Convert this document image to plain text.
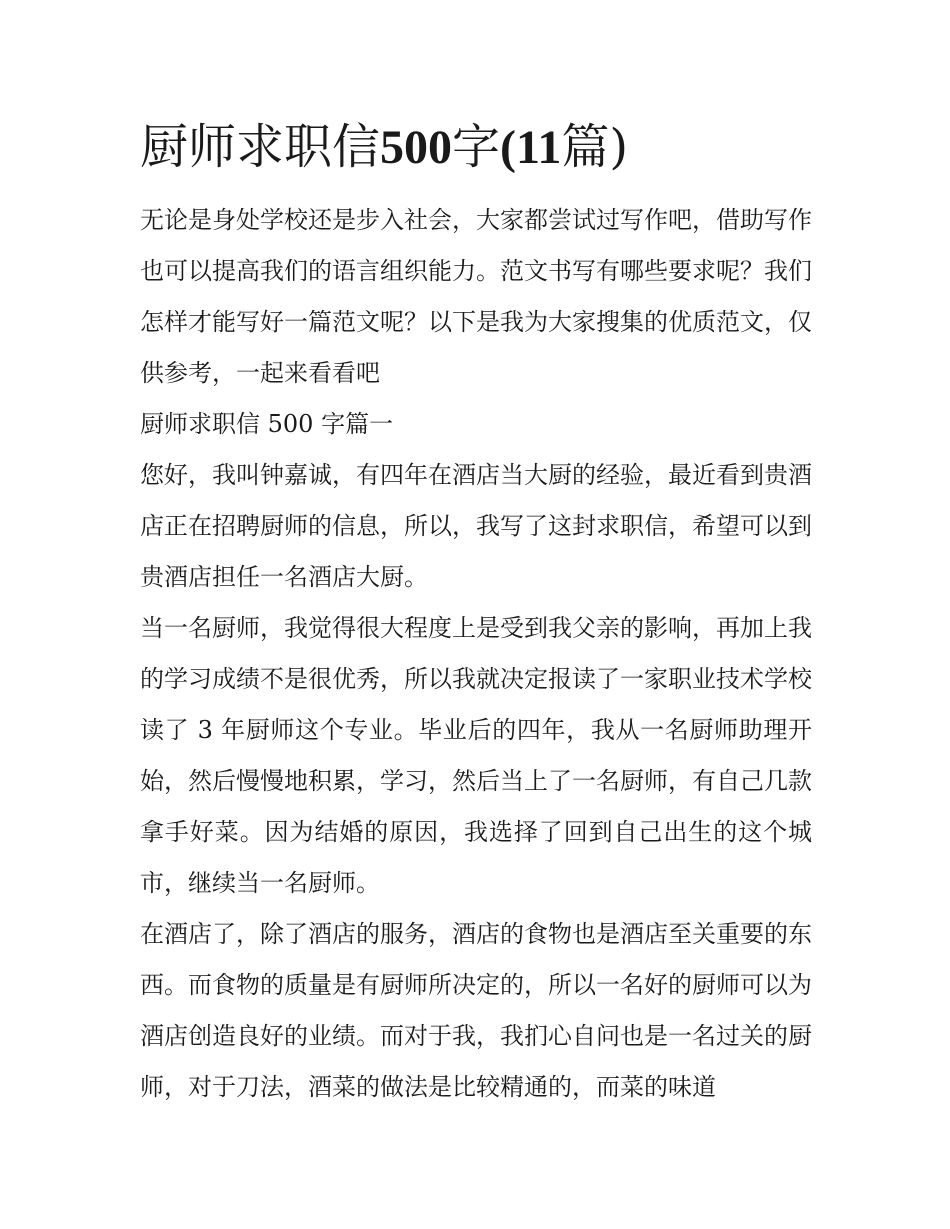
厨师求职信500字(11篇)

无论是身处学校还是步入社会，大家都尝试过写作吧，借助写作也可以提高我们的语言组织能力。范文书写有哪些要求呢？我们怎样才能写好一篇范文呢？以下是我为大家搜集的优质范文，仅供参考，一起来看看吧

厨师求职信 500 字篇一

您好，我叫钟嘉诚，有四年在酒店当大厨的经验，最近看到贵酒店正在招聘厨师的信息，所以，我写了这封求职信，希望可以到贵酒店担任一名酒店大厨。

当一名厨师，我觉得很大程度上是受到我父亲的影响，再加上我的学习成绩不是很优秀，所以我就决定报读了一家职业技术学校读了 3 年厨师这个专业。毕业后的四年，我从一名厨师助理开始，然后慢慢地积累，学习，然后当上了一名厨师，有自己几款拿手好菜。因为结婚的原因，我选择了回到自己出生的这个城市，继续当一名厨师。

在酒店了，除了酒店的服务，酒店的食物也是酒店至关重要的东西。而食物的质量是有厨师所决定的，所以一名好的厨师可以为酒店创造良好的业绩。而对于我，我扪心自问也是一名过关的厨师，对于刀法，酒菜的做法是比较精通的，而菜的味道
